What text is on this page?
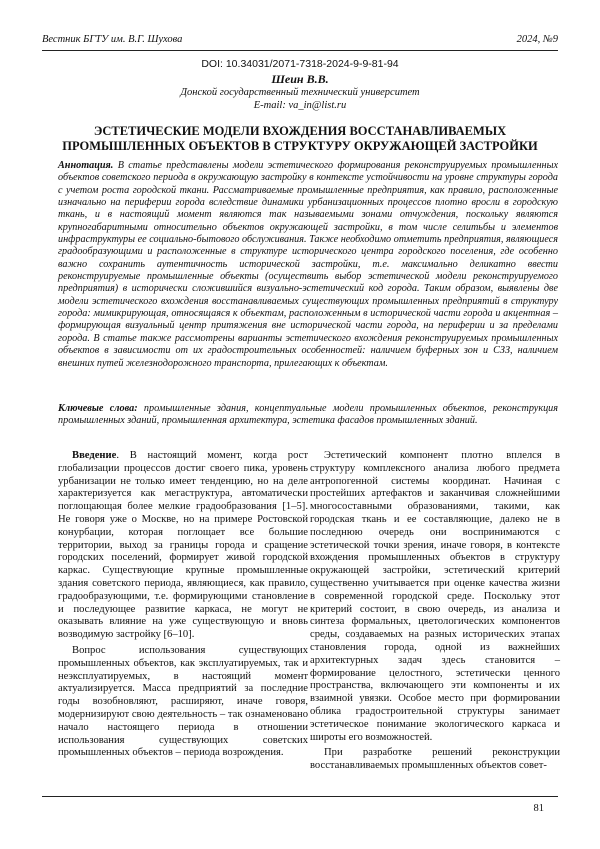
Вестник БГТУ им. В.Г. Шухова	2024, №9
DOI: 10.34031/2071-7318-2024-9-9-81-94
Шеин В.В.
Донской государственный технический университет
E-mail: va_in@list.ru
ЭСТЕТИЧЕСКИЕ МОДЕЛИ ВХОЖДЕНИЯ ВОССТАНАВЛИВАЕМЫХ ПРОМЫШЛЕННЫХ ОБЪЕКТОВ В СТРУКТУРУ ОКРУЖАЮЩЕЙ ЗАСТРОЙКИ

Аннотация. В статье представлены модели эстетического формирования реконструируемых промышленных объектов советского периода в окружающую застройку в контексте устойчивости на уровне структуры города с учетом роста городской ткани. Рассматриваемые промышленные предприятия, как правило, расположенные изначально на периферии города вследствие динамики урбанизационных процессов плотно вросли в городскую ткань, и в настоящий момент являются так называемыми зонами отчуждения, поскольку являются крупногабаритными относительно объектов окружающей застройки, в том числе селитьбы и элементов инфраструктуры ее социально-бытового обслуживания. Также необходимо отметить предприятия, являющиеся градообразующими и расположенные в структуре исторического центра городского поселения, где особенно важно сохранить аутентичность исторической застройки, т.е. максимально деликатно ввести реконструируемые промышленные объекты (осуществить выбор эстетической модели реконструируемого предприятия) в исторически сложившийся визуально-эстетический код города. Таким образом, выявлены две модели эстетического вхождения восстанавливаемых существующих промышленных предприятий в структуру города: мимикрирующая, относящаяся к объектам, расположенным в исторической части города и акцентная – формирующая визуальный центр притяжения вне исторической части города, на периферии и за пределами города. В статье также рассмотрены варианты эстетического вхождения реконструируемых промышленных объектов в зависимости от их градостроительных особенностей: наличием буферных зон и СЗЗ, наличием внешних путей железнодорожного транспорта, прилегающих к объектам.

Ключевые слова: промышленные здания, концептуальные модели промышленных объектов, реконструкция промышленных зданий, промышленная архитектура, эстетика фасадов промышленных зданий.

Введение. В настоящий момент, когда рост глобализации процессов достиг своего пика, уровень урбанизации не только имеет тенденцию, но на деле характеризуется как мегаструктура, автоматически поглощающая более мелкие градообразования [1–5]. Не говоря уже о Москве, но на примере Ростовской конурбации, которая поглощает все большие территории, выход за границы города и сращение городских поселений, формирует живой городской каркас. Существующие крупные промышленные здания советского периода, являющиеся, как правило, градообразующими, т.е. формирующими становление и последующее развитие каркаса, не могут не оказывать влияние на уже существующую и вновь возводимую застройку [6–10].

Вопрос использования существующих промышленных объектов, как эксплуатируемых, так и неэксплуатируемых, в настоящий момент актуализируется. Масса предприятий за последние годы возобновляют, расширяют, иначе говоря, модернизируют свою деятельность – так ознаменовано начало настоящего периода в отношении использования существующих советских промышленных объектов – периода возрождения.

Эстетический компонент плотно вплелся в структуру комплексного анализа любого предмета антропогенной системы координат. Начиная с простейших артефактов и заканчивая сложнейшими многосоставными образованиями, такими, как городская ткань и ее составляющие, далеко не в последнюю очередь они воспринимаются с эстетической точки зрения, иначе говоря, в контексте вхождения промышленных объектов в структуру окружающей застройки, эстетический критерий существенно учитывается при оценке качества жизни в современной городской среде. Поскольку этот критерий состоит, в свою очередь, из анализа и синтеза формальных, цветологических компонентов среды, создаваемых на разных исторических этапах становления города, одной из важнейших архитектурных задач здесь становится – формирование целостного, эстетически ценного пространства, включающего эти компоненты и их взаимной увязки. Особое место при формировании облика градостроительной структуры занимает эстетическое понимание экологического каркаса и широты его возможностей.

При разработке решений реконструкции восстанавливаемых промышленных объектов совет-

81
